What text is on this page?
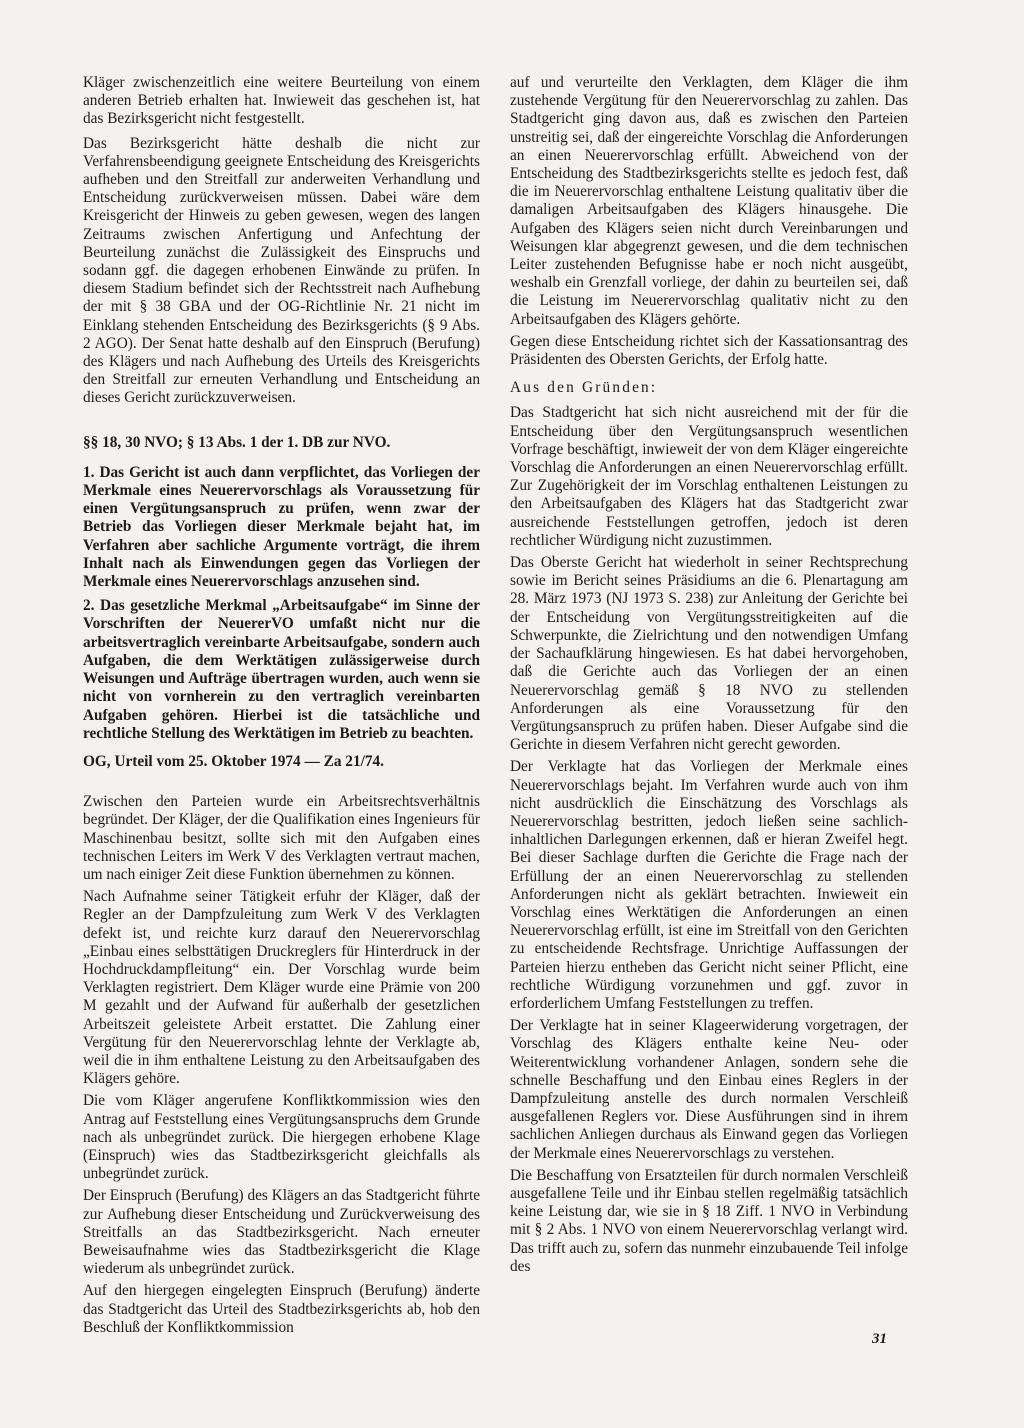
Kläger zwischenzeitlich eine weitere Beurteilung von einem anderen Betrieb erhalten hat. Inwieweit das geschehen ist, hat das Bezirksgericht nicht festgestellt.

Das Bezirksgericht hätte deshalb die nicht zur Verfahrensbeendigung geeignete Entscheidung des Kreisgerichts aufheben und den Streitfall zur anderweiten Verhandlung und Entscheidung zurückverweisen müssen. Dabei wäre dem Kreisgericht der Hinweis zu geben gewesen, wegen des langen Zeitraums zwischen Anfertigung und Anfechtung der Beurteilung zunächst die Zulässigkeit des Einspruchs und sodann ggf. die dagegen erhobenen Einwände zu prüfen. In diesem Stadium befindet sich der Rechtsstreit nach Aufhebung der mit § 38 GBA und der OG-Richtlinie Nr. 21 nicht im Einklang stehenden Entscheidung des Bezirksgerichts (§ 9 Abs. 2 AGO). Der Senat hatte deshalb auf den Einspruch (Berufung) des Klägers und nach Aufhebung des Urteils des Kreisgerichts den Streitfall zur erneuten Verhandlung und Entscheidung an dieses Gericht zurückzuverweisen.

§§ 18, 30 NVO; § 13 Abs. 1 der 1. DB zur NVO.

1. Das Gericht ist auch dann verpflichtet, das Vorliegen der Merkmale eines Neuerervorschlags als Voraussetzung für einen Vergütungsanspruch zu prüfen, wenn zwar der Betrieb das Vorliegen dieser Merkmale bejaht hat, im Verfahren aber sachliche Argumente vorträgt, die ihrem Inhalt nach als Einwendungen gegen das Vorliegen der Merkmale eines Neuerervorschlags anzusehen sind.

2. Das gesetzliche Merkmal „Arbeitsaufgabe“ im Sinne der Vorschriften der NeuererVO umfaßt nicht nur die arbeitsvertraglich vereinbarte Arbeitsaufgabe, sondern auch Aufgaben, die dem Werktätigen zulässigerweise durch Weisungen und Aufträge übertragen wurden, auch wenn sie nicht von vornherein zu den vertraglich vereinbarten Aufgaben gehören. Hierbei ist die tatsächliche und rechtliche Stellung des Werktätigen im Betrieb zu beachten.

OG, Urteil vom 25. Oktober 1974 — Za 21/74.

Zwischen den Parteien wurde ein Arbeitsrechtsverhältnis begründet. Der Kläger, der die Qualifikation eines Ingenieurs für Maschinenbau besitzt, sollte sich mit den Aufgaben eines technischen Leiters im Werk V des Verklagten vertraut machen, um nach einiger Zeit diese Funktion übernehmen zu können.

Nach Aufnahme seiner Tätigkeit erfuhr der Kläger, daß der Regler an der Dampfzuleitung zum Werk V des Verklagten defekt ist, und reichte kurz darauf den Neuerervorschlag „Einbau eines selbsttätigen Druckreglers für Hinterdruck in der Hochdruckdampfleitung“ ein. Der Vorschlag wurde beim Verklagten registriert. Dem Kläger wurde eine Prämie von 200 M gezahlt und der Aufwand für außerhalb der gesetzlichen Arbeitszeit geleistete Arbeit erstattet. Die Zahlung einer Vergütung für den Neuerervorschlag lehnte der Verklagte ab, weil die in ihm enthaltene Leistung zu den Arbeitsaufgaben des Klägers gehöre.

Die vom Kläger angerufene Konfliktkommission wies den Antrag auf Feststellung eines Vergütungsanspruchs dem Grunde nach als unbegründet zurück. Die hiergegen erhobene Klage (Einspruch) wies das Stadtbezirksgericht gleichfalls als unbegründet zurück.

Der Einspruch (Berufung) des Klägers an das Stadtgericht führte zur Aufhebung dieser Entscheidung und Zurückverweisung des Streitfalls an das Stadtbezirksgericht. Nach erneuter Beweisaufnahme wies das Stadtbezirksgericht die Klage wiederum als unbegründet zurück.

Auf den hiergegen eingelegten Einspruch (Berufung) änderte das Stadtgericht das Urteil des Stadtbezirksgerichts ab, hob den Beschluß der Konfliktkommission

auf und verurteilte den Verklagten, dem Kläger die ihm zustehende Vergütung für den Neuerervorschlag zu zahlen. Das Stadtgericht ging davon aus, daß es zwischen den Parteien unstreitig sei, daß der eingereichte Vorschlag die Anforderungen an einen Neuerervorschlag erfüllt. Abweichend von der Entscheidung des Stadtbezirksgerichts stellte es jedoch fest, daß die im Neuerervorschlag enthaltene Leistung qualitativ über die damaligen Arbeitsaufgaben des Klägers hinausgehe. Die Aufgaben des Klägers seien nicht durch Vereinbarungen und Weisungen klar abgegrenzt gewesen, und die dem technischen Leiter zustehenden Befugnisse habe er noch nicht ausgeübt, weshalb ein Grenzfall vorliege, der dahin zu beurteilen sei, daß die Leistung im Neuerervorschlag qualitativ nicht zu den Arbeitsaufgaben des Klägers gehörte.

Gegen diese Entscheidung richtet sich der Kassationsantrag des Präsidenten des Obersten Gerichts, der Erfolg hatte.

Aus den Gründen:

Das Stadtgericht hat sich nicht ausreichend mit der für die Entscheidung über den Vergütungsanspruch wesentlichen Vorfrage beschäftigt, inwieweit der von dem Kläger eingereichte Vorschlag die Anforderungen an einen Neuerervorschlag erfüllt. Zur Zugehörigkeit der im Vorschlag enthaltenen Leistungen zu den Arbeitsaufgaben des Klägers hat das Stadtgericht zwar ausreichende Feststellungen getroffen, jedoch ist deren rechtlicher Würdigung nicht zuzustimmen.

Das Oberste Gericht hat wiederholt in seiner Rechtsprechung sowie im Bericht seines Präsidiums an die 6. Plenartagung am 28. März 1973 (NJ 1973 S. 238) zur Anleitung der Gerichte bei der Entscheidung von Vergütungsstreitigkeiten auf die Schwerpunkte, die Zielrichtung und den notwendigen Umfang der Sachaufklärung hingewiesen. Es hat dabei hervorgehoben, daß die Gerichte auch das Vorliegen der an einen Neuerervorschlag gemäß § 18 NVO zu stellenden Anforderungen als eine Voraussetzung für den Vergütungsanspruch zu prüfen haben. Dieser Aufgabe sind die Gerichte in diesem Verfahren nicht gerecht geworden.

Der Verklagte hat das Vorliegen der Merkmale eines Neuerervorschlags bejaht. Im Verfahren wurde auch von ihm nicht ausdrücklich die Einschätzung des Vorschlags als Neuerervorschlag bestritten, jedoch ließen seine sachlich-inhaltlichen Darlegungen erkennen, daß er hieran Zweifel hegt. Bei dieser Sachlage durften die Gerichte die Frage nach der Erfüllung der an einen Neuerervorschlag zu stellenden Anforderungen nicht als geklärt betrachten. Inwieweit ein Vorschlag eines Werktätigen die Anforderungen an einen Neuerervorschlag erfüllt, ist eine im Streitfall von den Gerichten zu entscheidende Rechtsfrage. Unrichtige Auffassungen der Parteien hierzu entheben das Gericht nicht seiner Pflicht, eine rechtliche Würdigung vorzunehmen und ggf. zuvor in erforderlichem Umfang Feststellungen zu treffen.

Der Verklagte hat in seiner Klageerwiderung vorgetragen, der Vorschlag des Klägers enthalte keine Neu- oder Weiterentwicklung vorhandener Anlagen, sondern sehe die schnelle Beschaffung und den Einbau eines Reglers in der Dampfzuleitung anstelle des durch normalen Verschleiß ausgefallenen Reglers vor. Diese Ausführungen sind in ihrem sachlichen Anliegen durchaus als Einwand gegen das Vorliegen der Merkmale eines Neuerervorschlags zu verstehen.

Die Beschaffung von Ersatzteilen für durch normalen Verschleiß ausgefallene Teile und ihr Einbau stellen regelmäßig tatsächlich keine Leistung dar, wie sie in § 18 Ziff. 1 NVO in Verbindung mit § 2 Abs. 1 NVO von einem Neuerervorschlag verlangt wird. Das trifft auch zu, sofern das nunmehr einzubauende Teil infolge des

31
